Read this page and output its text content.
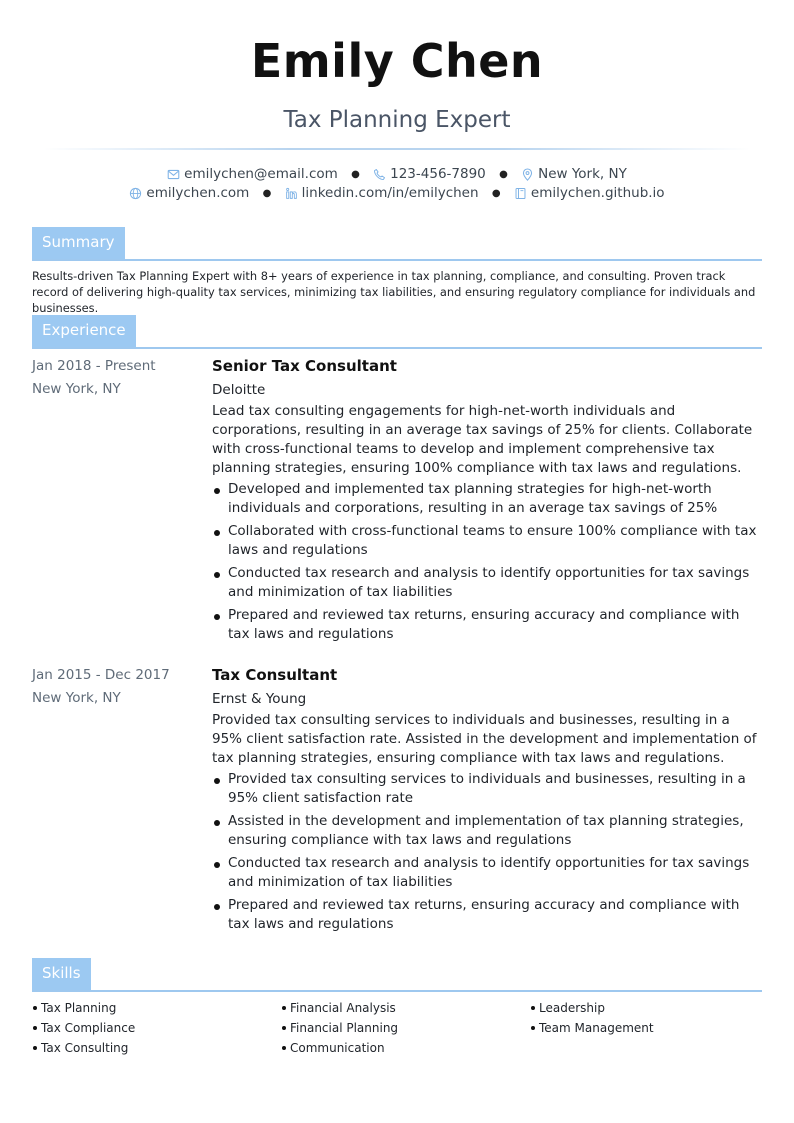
Emily Chen
Tax Planning Expert
emilychen@email.com ● 123-456-7890 ● New York, NY
emilychen.com ● linkedin.com/in/emilychen ● emilychen.github.io
Summary
Results-driven Tax Planning Expert with 8+ years of experience in tax planning, compliance, and consulting. Proven track record of delivering high-quality tax services, minimizing tax liabilities, and ensuring regulatory compliance for individuals and businesses.
Experience
Jan 2018 - Present
New York, NY
Senior Tax Consultant
Deloitte
Lead tax consulting engagements for high-net-worth individuals and corporations, resulting in an average tax savings of 25% for clients. Collaborate with cross-functional teams to develop and implement comprehensive tax planning strategies, ensuring 100% compliance with tax laws and regulations.
Developed and implemented tax planning strategies for high-net-worth individuals and corporations, resulting in an average tax savings of 25%
Collaborated with cross-functional teams to ensure 100% compliance with tax laws and regulations
Conducted tax research and analysis to identify opportunities for tax savings and minimization of tax liabilities
Prepared and reviewed tax returns, ensuring accuracy and compliance with tax laws and regulations
Jan 2015 - Dec 2017
New York, NY
Tax Consultant
Ernst & Young
Provided tax consulting services to individuals and businesses, resulting in a 95% client satisfaction rate. Assisted in the development and implementation of tax planning strategies, ensuring compliance with tax laws and regulations.
Provided tax consulting services to individuals and businesses, resulting in a 95% client satisfaction rate
Assisted in the development and implementation of tax planning strategies, ensuring compliance with tax laws and regulations
Conducted tax research and analysis to identify opportunities for tax savings and minimization of tax liabilities
Prepared and reviewed tax returns, ensuring accuracy and compliance with tax laws and regulations
Skills
Tax Planning
Tax Compliance
Tax Consulting
Financial Analysis
Financial Planning
Communication
Leadership
Team Management
